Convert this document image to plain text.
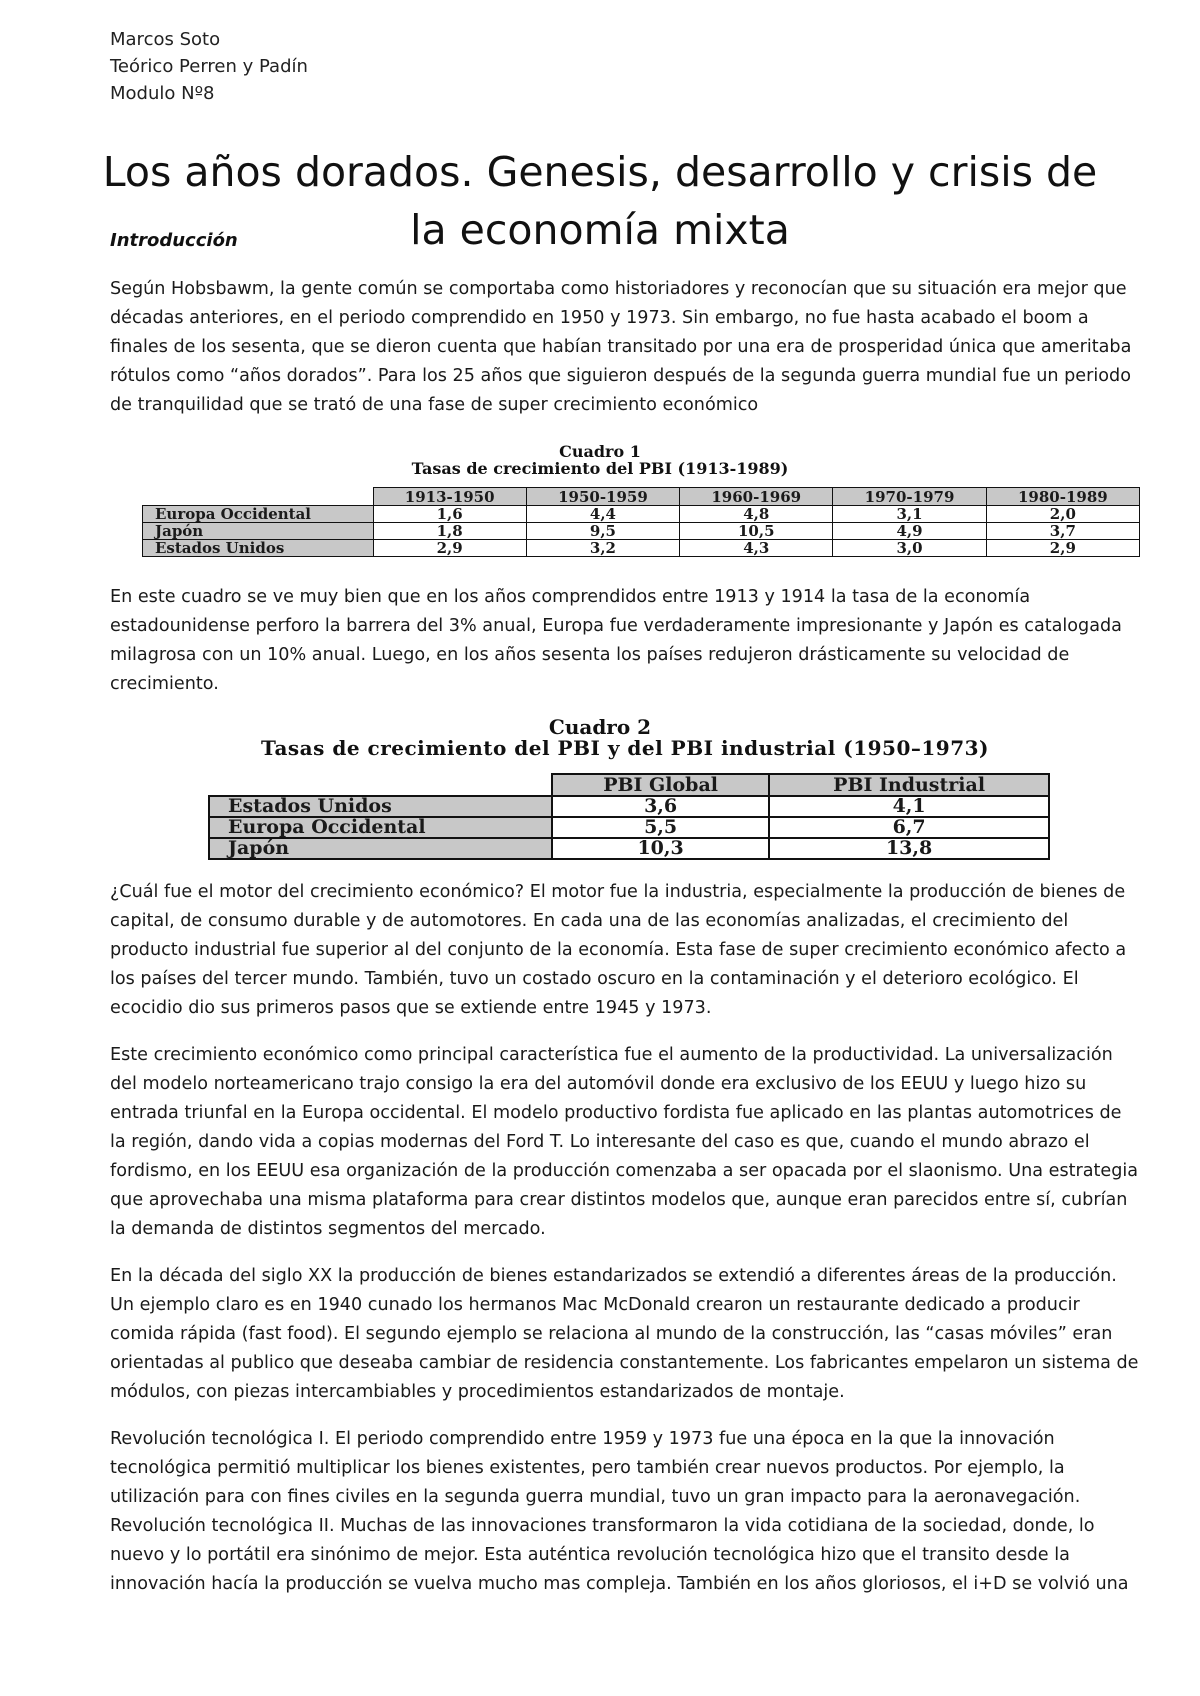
Marcos Soto
Teórico Perren y Padín
Modulo Nº8
Los años dorados. Genesis, desarrollo y crisis de la economía mixta
Introducción

Según Hobsbawm, la gente común se comportaba como historiadores y reconocían que su situación era mejor que décadas anteriores, en el periodo comprendido en 1950 y 1973. Sin embargo, no fue hasta acabado el boom a finales de los sesenta, que se dieron cuenta que habían transitado por una era de prosperidad única que ameritaba rótulos como “años dorados”. Para los 25 años que siguieron después de la segunda guerra mundial fue un periodo de tranquilidad que se trató de una fase de super crecimiento económico

Cuadro 1
Tasas de crecimiento del PBI (1913-1989)
	1913-1950	1950-1959	1960-1969	1970-1979	1980-1989
Europa Occidental	1,6	4,4	4,8	3,1	2,0
Japón	1,8	9,5	10,5	4,9	3,7
Estados Unidos	2,9	3,2	4,3	3,0	2,9

En este cuadro se ve muy bien que en los años comprendidos entre 1913 y 1914 la tasa de la economía estadounidense perforo la barrera del 3% anual, Europa fue verdaderamente impresionante y Japón es catalogada milagrosa con un 10% anual. Luego, en los años sesenta los países redujeron drásticamente su velocidad de crecimiento.

Cuadro 2
Tasas de crecimiento del PBI y del PBI industrial (1950–1973)
	PBI Global	PBI Industrial
Estados Unidos	3,6	4,1
Europa Occidental	5,5	6,7
Japón	10,3	13,8

¿Cuál fue el motor del crecimiento económico? El motor fue la industria, especialmente la producción de bienes de capital, de consumo durable y de automotores. En cada una de las economías analizadas, el crecimiento del producto industrial fue superior al del conjunto de la economía. Esta fase de super crecimiento económico afecto a los países del tercer mundo. También, tuvo un costado oscuro en la contaminación y el deterioro ecológico. El ecocidio dio sus primeros pasos que se extiende entre 1945 y 1973.

Este crecimiento económico como principal característica fue el aumento de la productividad. La universalización del modelo norteamericano trajo consigo la era del automóvil donde era exclusivo de los EEUU y luego hizo su entrada triunfal en la Europa occidental. El modelo productivo fordista fue aplicado en las plantas automotrices de la región, dando vida a copias modernas del Ford T. Lo interesante del caso es que, cuando el mundo abrazo el fordismo, en los EEUU esa organización de la producción comenzaba a ser opacada por el slaonismo. Una estrategia que aprovechaba una misma plataforma para crear distintos modelos que, aunque eran parecidos entre sí, cubrían la demanda de distintos segmentos del mercado.

En la década del siglo XX la producción de bienes estandarizados se extendió a diferentes áreas de la producción. Un ejemplo claro es en 1940 cunado los hermanos Mac McDonald crearon un restaurante dedicado a producir comida rápida (fast food). El segundo ejemplo se relaciona al mundo de la construcción, las “casas móviles” eran orientadas al publico que deseaba cambiar de residencia constantemente. Los fabricantes empelaron un sistema de módulos, con piezas intercambiables y procedimientos estandarizados de montaje.

Revolución tecnológica I. El periodo comprendido entre 1959 y 1973 fue una época en la que la innovación tecnológica permitió multiplicar los bienes existentes, pero también crear nuevos productos. Por ejemplo, la utilización para con fines civiles en la segunda guerra mundial, tuvo un gran impacto para la aeronavegación.

Revolución tecnológica II. Muchas de las innovaciones transformaron la vida cotidiana de la sociedad, donde, lo nuevo y lo portátil era sinónimo de mejor. Esta auténtica revolución tecnológica hizo que el transito desde la innovación hacía la producción se vuelva mucho mas compleja. También en los años gloriosos, el i+D se volvió una
